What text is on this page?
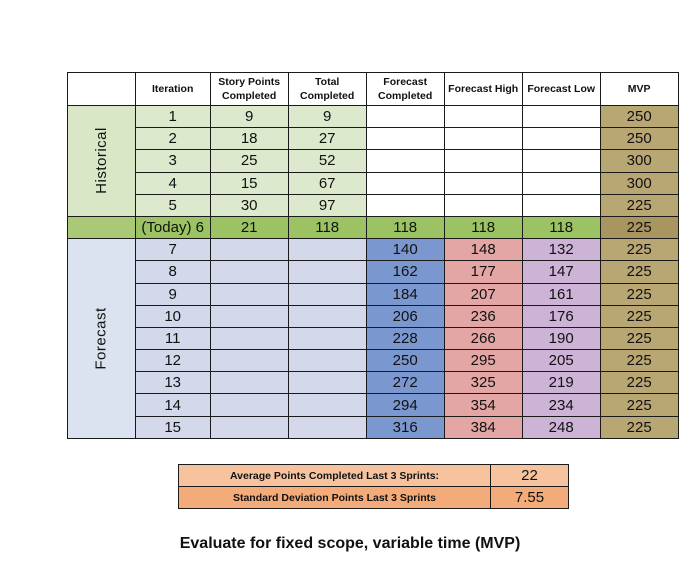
	Iteration	Story Points Completed	Total Completed	Forecast Completed	Forecast High	Forecast Low	MVP
Historical	1	9	9				250
	2	18	27				250
	3	25	52				300
	4	15	67				300
	5	30	97				225
	(Today) 6	21	118	118	118	118	225
Forecast	7			140	148	132	225
	8			162	177	147	225
	9			184	207	161	225
	10			206	236	176	225
	11			228	266	190	225
	12			250	295	205	225
	13			272	325	219	225
	14			294	354	234	225
	15			316	384	248	225
Average Points Completed Last 3 Sprints:	22
Standard Deviation Points Last 3 Sprints	7.55
Evaluate for fixed scope, variable time (MVP)
